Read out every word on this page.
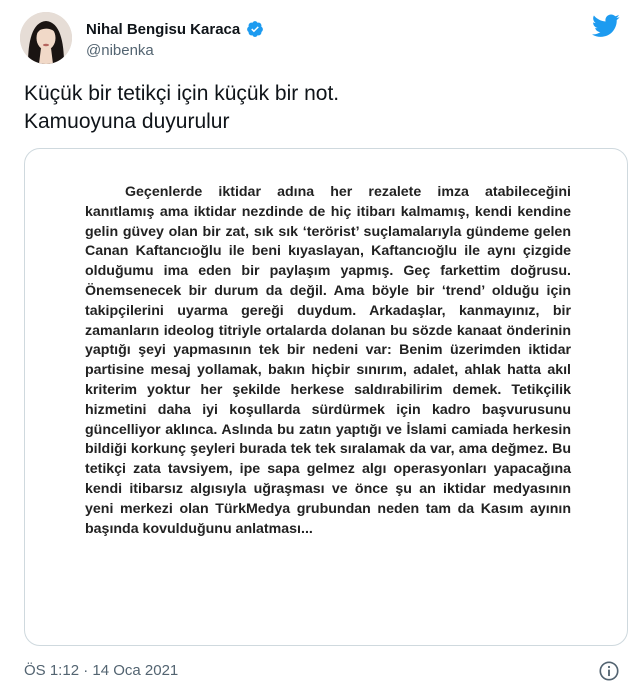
Nihal Bengisu Karaca
@nibenka
Küçük bir tetikçi için küçük bir not.
Kamuoyuna duyurulur

Geçenlerde iktidar adına her rezalete imza atabileceğini kanıtlamış ama iktidar nezdinde de hiç itibarı kalmamış, kendi kendine gelin güvey olan bir zat, sık sık ‘terörist’ suçlamalarıyla gündeme gelen Canan Kaftancıoğlu ile beni kıyaslayan, Kaftancıoğlu ile aynı çizgide olduğumu ima eden bir paylaşım yapmış. Geç farkettim doğrusu. Önemsenecek bir durum da değil. Ama böyle bir ‘trend’ olduğu için takipçilerini uyarma gereği duydum. Arkadaşlar, kanmayınız, bir zamanların ideolog titriyle ortalarda dolanan bu sözde kanaat önderinin yaptığı şeyi yapmasının tek bir nedeni var: Benim üzerimden iktidar partisine mesaj yollamak, bakın hiçbir sınırım, adalet, ahlak hatta akıl kriterim yoktur her şekilde herkese saldırabilirim demek. Tetikçilik hizmetini daha iyi koşullarda sürdürmek için kadro başvurusunu güncelliyor aklınca. Aslında bu zatın yaptığı ve İslami camiada herkesin bildiği korkunç şeyleri burada tek tek sıralamak da var, ama değmez. Bu tetikçi zata tavsiyem, ipe sapa gelmez algı operasyonları yapacağına kendi itibarsız algısıyla uğraşması ve önce şu an iktidar medyasının yeni merkezi olan TürkMedya grubundan neden tam da Kasım ayının başında kovulduğunu anlatması...

ÖS 1:12 · 14 Oca 2021
